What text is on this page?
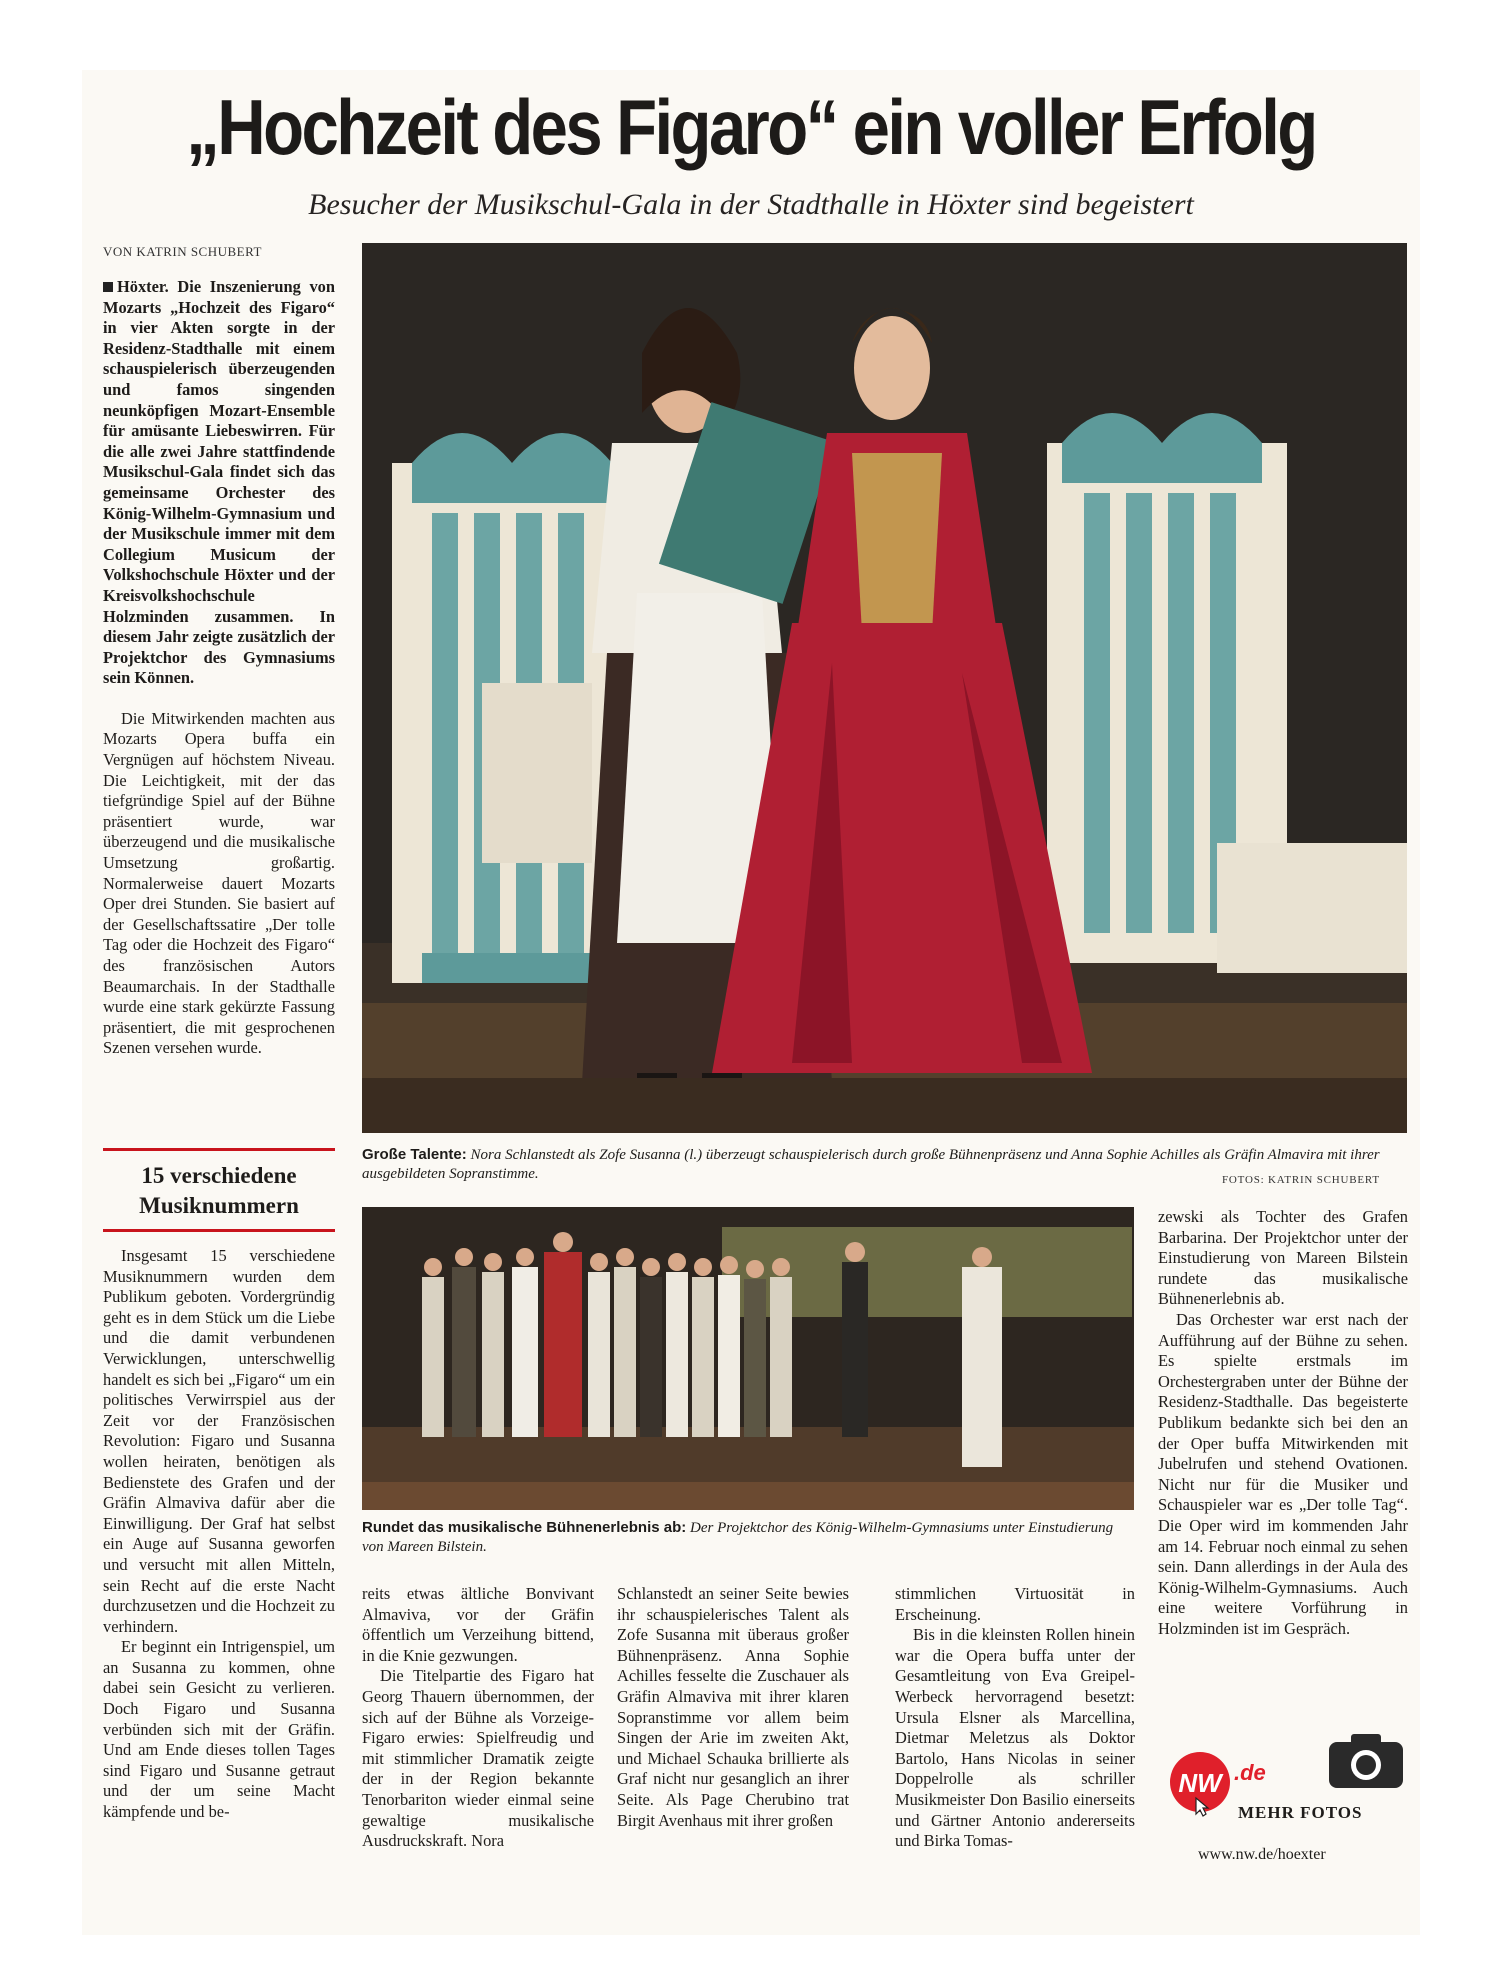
„Hochzeit des Figaro“ ein voller Erfolg
Besucher der Musikschul-Gala in der Stadthalle in Höxter sind begeistert
VON KATRIN SCHUBERT

Höxter. Die Inszenierung von Mozarts „Hochzeit des Figaro“ in vier Akten sorgte in der Residenz-Stadthalle mit einem schauspielerisch überzeugenden und famos singenden neunköpfigen Mozart-Ensemble für amüsante Liebeswirren. Für die alle zwei Jahre stattfindende Musikschul-Gala findet sich das gemeinsame Orchester des König-Wilhelm-Gymnasium und der Musikschule immer mit dem Collegium Musicum der Volkshochschule Höxter und der Kreisvolkshochschule Holzminden zusammen. In diesem Jahr zeigte zusätzlich der Projektchor des Gymnasiums sein Können.

Die Mitwirkenden machten aus Mozarts Opera buffa ein Vergnügen auf höchstem Niveau. Die Leichtigkeit, mit der das tiefgründige Spiel auf der Bühne präsentiert wurde, war überzeugend und die musikalische Umsetzung großartig. Normalerweise dauert Mozarts Oper drei Stunden. Sie basiert auf der Gesellschaftssatire „Der tolle Tag oder die Hochzeit des Figaro“ des französischen Autors Beaumarchais. In der Stadthalle wurde eine stark gekürzte Fassung präsentiert, die mit gesprochenen Szenen versehen wurde.

15 verschiedene Musiknummern

Insgesamt 15 verschiedene Musiknummern wurden dem Publikum geboten. Vordergründig geht es in dem Stück um die Liebe und die damit verbundenen Verwicklungen, unterschwellig handelt es sich bei „Figaro“ um ein politisches Verwirrspiel aus der Zeit vor der Französischen Revolution: Figaro und Susanna wollen heiraten, benötigen als Bedienstete des Grafen und der Gräfin Almaviva dafür aber die Einwilligung. Der Graf hat selbst ein Auge auf Susanna geworfen und versucht mit allen Mitteln, sein Recht auf die erste Nacht durchzusetzen und die Hochzeit zu verhindern.

Er beginnt ein Intrigenspiel, um an Susanna zu kommen, ohne dabei sein Gesicht zu verlieren. Doch Figaro und Susanna verbünden sich mit der Gräfin. Und am Ende dieses tollen Tages sind Figaro und Susanne getraut und der um seine Macht kämpfende und be-

Große Talente: Nora Schlanstedt als Zofe Susanna (l.) überzeugt schauspielerisch durch große Bühnenpräsenz und Anna Sophie Achilles als Gräfin Almavira mit ihrer ausgebildeten Sopranstimme.	FOTOS: KATRIN SCHUBERT
Rundet das musikalische Bühnenerlebnis ab: Der Projektchor des König-Wilhelm-Gymnasiums unter Einstudierung von Mareen Bilstein.

zewski als Tochter des Grafen Barbarina. Der Projektchor unter der Einstudierung von Mareen Bilstein rundete das musikalische Bühnenerlebnis ab.

Das Orchester war erst nach der Aufführung auf der Bühne zu sehen. Es spielte erstmals im Orchestergraben unter der Bühne der Residenz-Stadthalle. Das begeisterte Publikum bedankte sich bei den an der Oper buffa Mitwirkenden mit Jubelrufen und stehend Ovationen. Nicht nur für die Musiker und Schauspieler war es „Der tolle Tag“. Die Oper wird im kommenden Jahr am 14. Februar noch einmal zu sehen sein. Dann allerdings in der Aula des König-Wilhelm-Gymnasiums. Auch eine weitere Vorführung in Holzminden ist im Gespräch.

reits etwas ältliche Bonvivant Almaviva, vor der Gräfin öffentlich um Verzeihung bittend, in die Knie gezwungen.

Die Titelpartie des Figaro hat Georg Thauern übernommen, der sich auf der Bühne als Vorzeige-Figaro erwies: Spielfreudig und mit stimmlicher Dramatik zeigte der in der Region bekannte Tenorbariton wieder einmal seine gewaltige musikalische Ausdruckskraft. Nora

Schlanstedt an seiner Seite bewies ihr schauspielerisches Talent als Zofe Susanna mit überaus großer Bühnenpräsenz. Anna Sophie Achilles fesselte die Zuschauer als Gräfin Almaviva mit ihrer klaren Sopranstimme vor allem beim Singen der Arie im zweiten Akt, und Michael Schauka brillierte als Graf nicht nur gesanglich an ihrer Seite. Als Page Cherubino trat Birgit Avenhaus mit ihrer großen

stimmlichen Virtuosität in Erscheinung.

Bis in die kleinsten Rollen hinein war die Opera buffa unter der Gesamtleitung von Eva Greipel-Werbeck hervorragend besetzt: Ursula Elsner als Marcellina, Dietmar Meletzus als Doktor Bartolo, Hans Nicolas in seiner Doppelrolle als schriller Musikmeister Don Basilio einerseits und Gärtner Antonio andererseits und Birka Tomas-

NW .de
MEHR FOTOS
www.nw.de/hoexter
